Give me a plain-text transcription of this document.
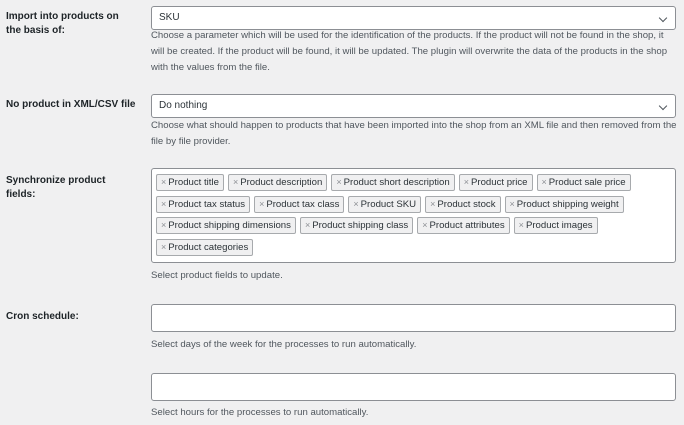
Import into products on the basis of:
SKU
Choose a parameter which will be used for the identification of the products. If the product will not be found in the shop, it will be created. If the product will be found, it will be updated. The plugin will overwrite the data of the products in the shop with the values from the file.
No product in XML/CSV file	Do nothing
Choose what should happen to products that have been imported into the shop from an XML file and then removed from the file by file provider.
Synchronize product fields:
× Product title × Product description × Product short description × Product price × Product sale price
× Product tax status × Product tax class × Product SKU × Product stock × Product shipping weight
× Product shipping dimensions × Product shipping class × Product attributes × Product images
× Product categories
Select product fields to update.
Cron schedule:
Select days of the week for the processes to run automatically.
Select hours for the processes to run automatically.
